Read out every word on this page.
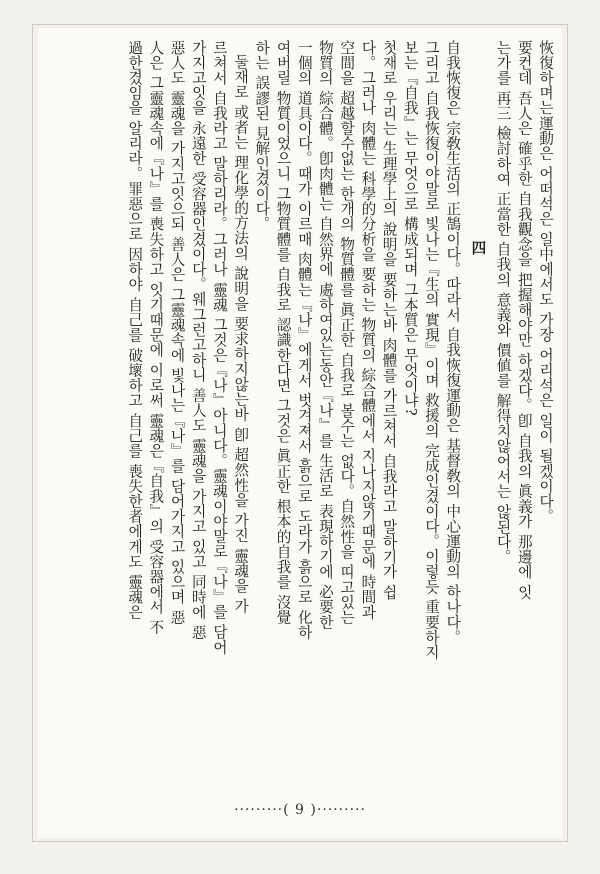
恢復하며는運動은 어떠석은 일中에서도 가장 어리석은 일이 될겠이다。
要컨데 吾人은 確乎한 自我觀念을 把握해야만 하겠다。卽 自我의 眞義가 那邊에 잇
는가를 再三 檢討하여 正當한 自我의 意義와 價値를 解得치않어서는 않된다。
四
自我恢復은 宗敎生活의 正鵠이다。따라서 自我恢復運動은 基督敎의 中心運動의 하나다。
그리고 自我恢復이야말로 빛나는『生의 實現』이며 救援의 完成인겼이다。이렇듯 重要하지
보는『自我』는 무엇으로 構成되며 그本質은 무엇이냐?
첫재로 우리는 生理學上의 說明을 要하는바 肉體를 가르쳐서 自我라고 말하기가 쉽
다。그러나 肉體는 科學的分析을 要하는 物質의 綜合體에서 지나지않기때문에 時間과
空間을 超越할수없는 한개의 物質體를 眞正한 自我로 볼수는 없다。自然性을 띠고있는
物質의 綜合體。卽肉體는 自然界에 處하여있는동안『나』를 生活로 表現하기에 必要한
一個의 道具이다。때가 이르매 肉體는『나』에게서 벗겨져서 흙으로 도라가 흙으로 化하
여버릴 物質이었으니 그物質體를 自我로 認識한다면 그것은 眞正한 根本的自我를 沒覺
하는 誤謬된 見解인겼이다。
둘재로 或者는 理化學的方法의 說明을 要求하지않는바 卽 超然性을 가진 靈魂을 가
르쳐서 自我라고 말하리라。그러나 靈魂 그것은『나』아니다。靈魂이야말로『나』를 담어
가지고잇을 永遠한 受容器인겼이다。웨그런고하니 善人도 靈魂을 가지고 있고 同時에 惡
惡人도 靈魂을 가지고잇으되 善人은 그靈魂속에 빛나는『나』를 담어가지고 있으며 惡
人은 그靈魂속에『나』를 喪失하고 잇기때문에 이로써 靈魂은『自我』의 受容器에서 不
過한겼임을 알리라。罪惡으로 因하야 自己를 破壞하고 自己를 喪失한者에게도 靈魂은
·········( 9 )·········
